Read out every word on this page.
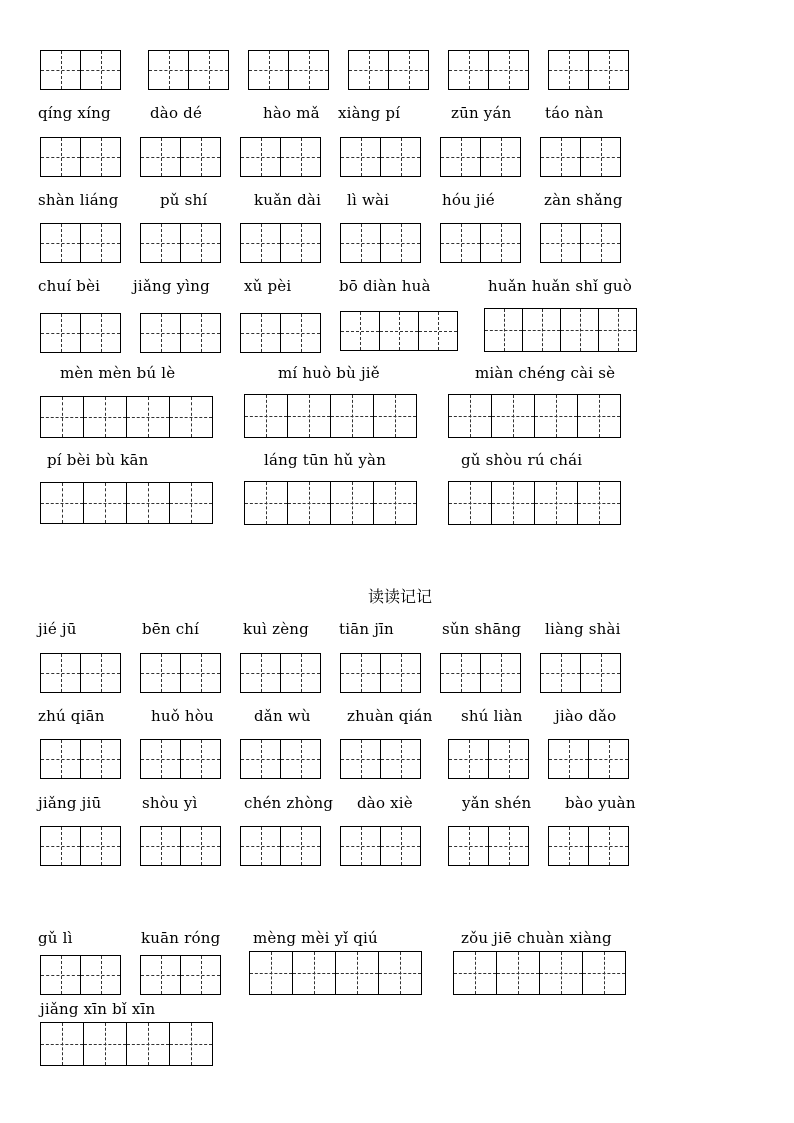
qíng xíng	dào dé	hào mǎ xiàng pí	zūn yán táo nàn
shàn liáng	pǔ shí	kuǎn dài lì wài	hóu jié	zàn shǎng
chuí bèi jiǎng yìng xǔ pèi	bō diàn huà	huǎn huǎn shǐ guò
mèn mèn bú lè	mí huò bù jiě	miàn chéng cài sè
pí bèi bù kān	láng tūn hǔ yàn	gǔ shòu rú chái
读读记记
jié jū	bēn chí	kuì zèng tiān jīn	sǔn shāng liàng shài
zhú qiān	huǒ hòu	dǎn wù zhuàn qián shú liàn jiào dǎo
jiǎng jiū	shòu yì	chén zhòng dào xiè	yǎn shén bào yuàn
gǔ lì	kuān róng mèng mèi yǐ qiú	zǒu jiē chuàn xiàng
jiǎng xīn bǐ xīn
